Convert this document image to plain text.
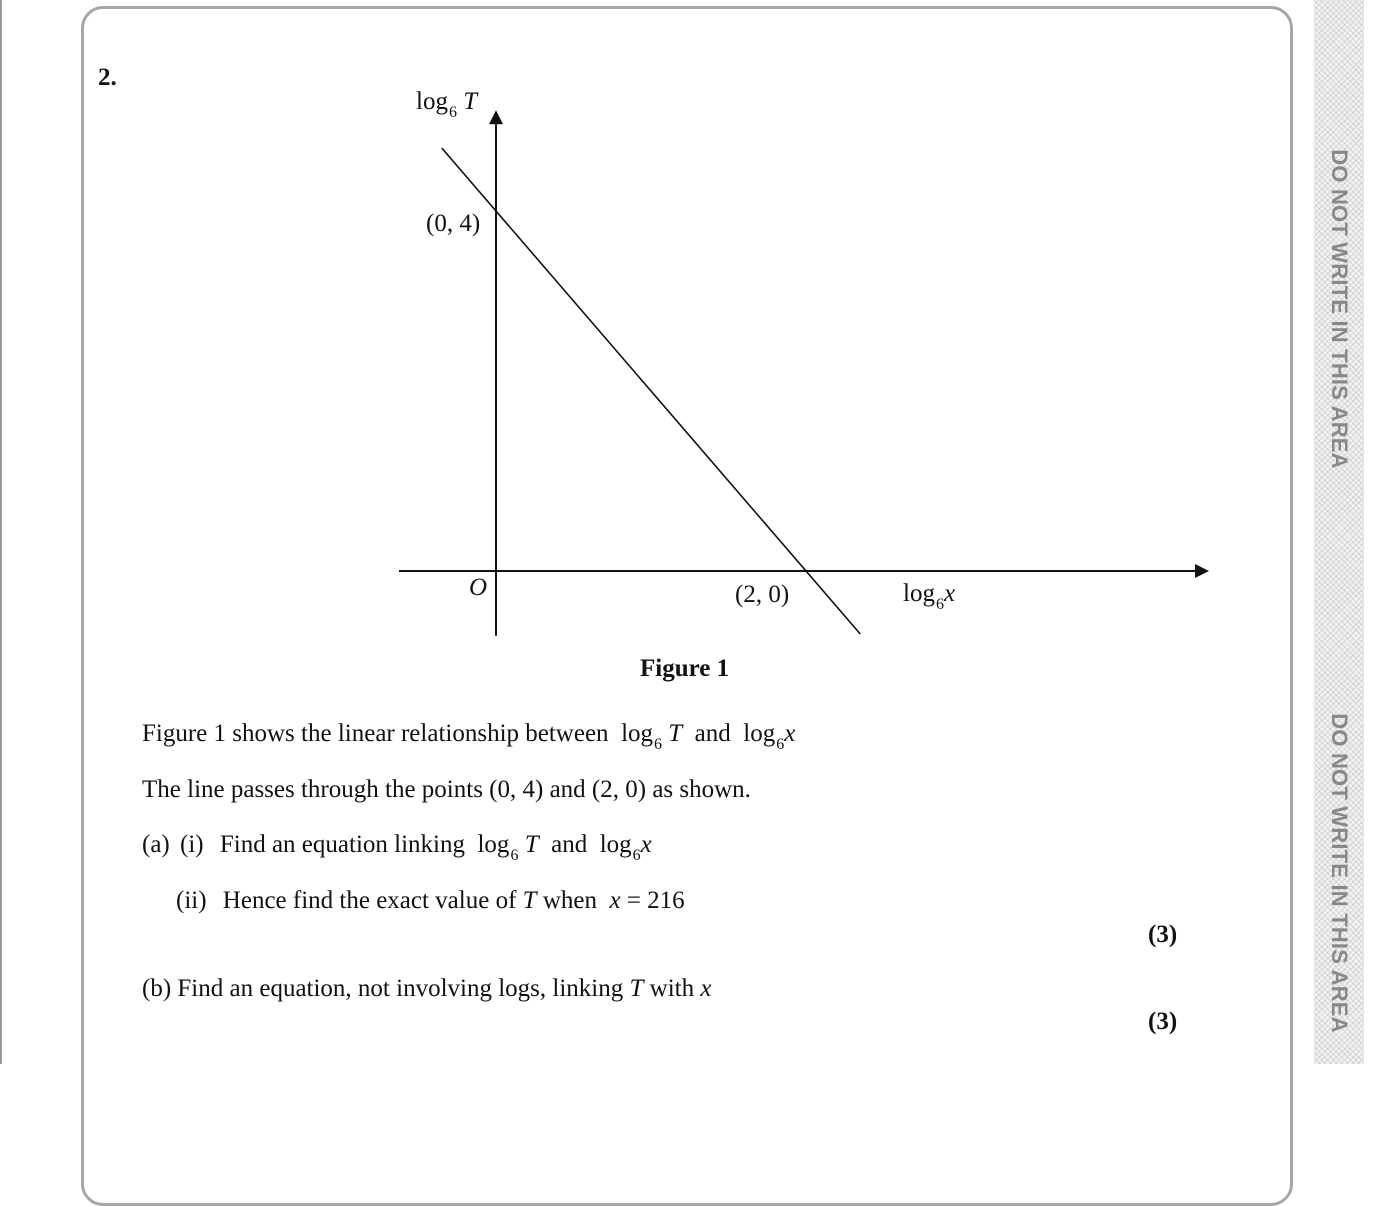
DO NOT WRITE IN THIS AREA
DO NOT WRITE IN THIS AREA
2.
$\log_6 T$
$\log_6x$
O
(0, 4)
(2, 0)
Figure 1
Figure 1 shows the linear relationship between $\log_6 T$ and $\log_6x$
The line passes through the points (0, 4) and (2, 0) as shown.
(a) (i) Find an equation linking $\log_6 T$ and $\log_6x$
(ii) Hence find the exact value of T when x = 216
(3)
(b) Find an equation, not involving logs, linking T with x
(3)
